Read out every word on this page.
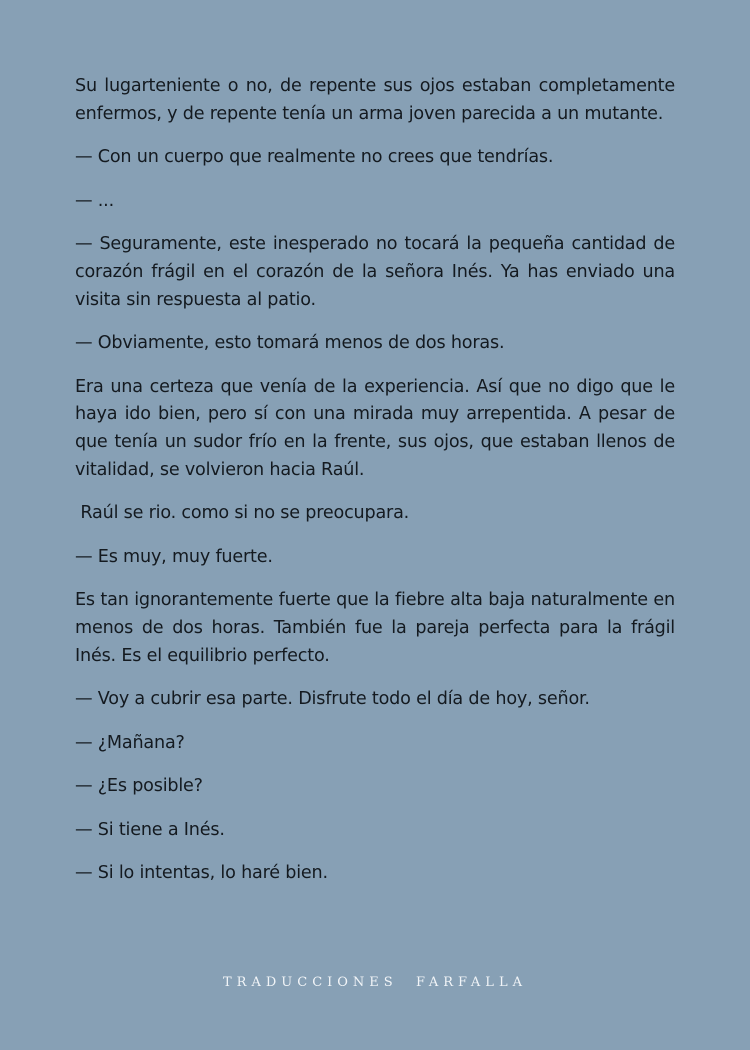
Su lugarteniente o no, de repente sus ojos estaban completamente enfermos, y de repente tenía un arma joven parecida a un mutante.

— Con un cuerpo que realmente no crees que tendrías.

— ...

— Seguramente, este inesperado no tocará la pequeña cantidad de corazón frágil en el corazón de la señora Inés. Ya has enviado una visita sin respuesta al patio.

— Obviamente, esto tomará menos de dos horas.

Era una certeza que venía de la experiencia. Así que no digo que le haya ido bien, pero sí con una mirada muy arrepentida. A pesar de que tenía un sudor frío en la frente, sus ojos, que estaban llenos de vitalidad, se volvieron hacia Raúl.

Raúl se rio. como si no se preocupara.

— Es muy, muy fuerte.

Es tan ignorantemente fuerte que la fiebre alta baja naturalmente en menos de dos horas. También fue la pareja perfecta para la frágil Inés. Es el equilibrio perfecto.

— Voy a cubrir esa parte. Disfrute todo el día de hoy, señor.

— ¿Mañana?

— ¿Es posible?

— Si tiene a Inés.

— Si lo intentas, lo haré bien.

TRADUCCIONES  FARFALLA
